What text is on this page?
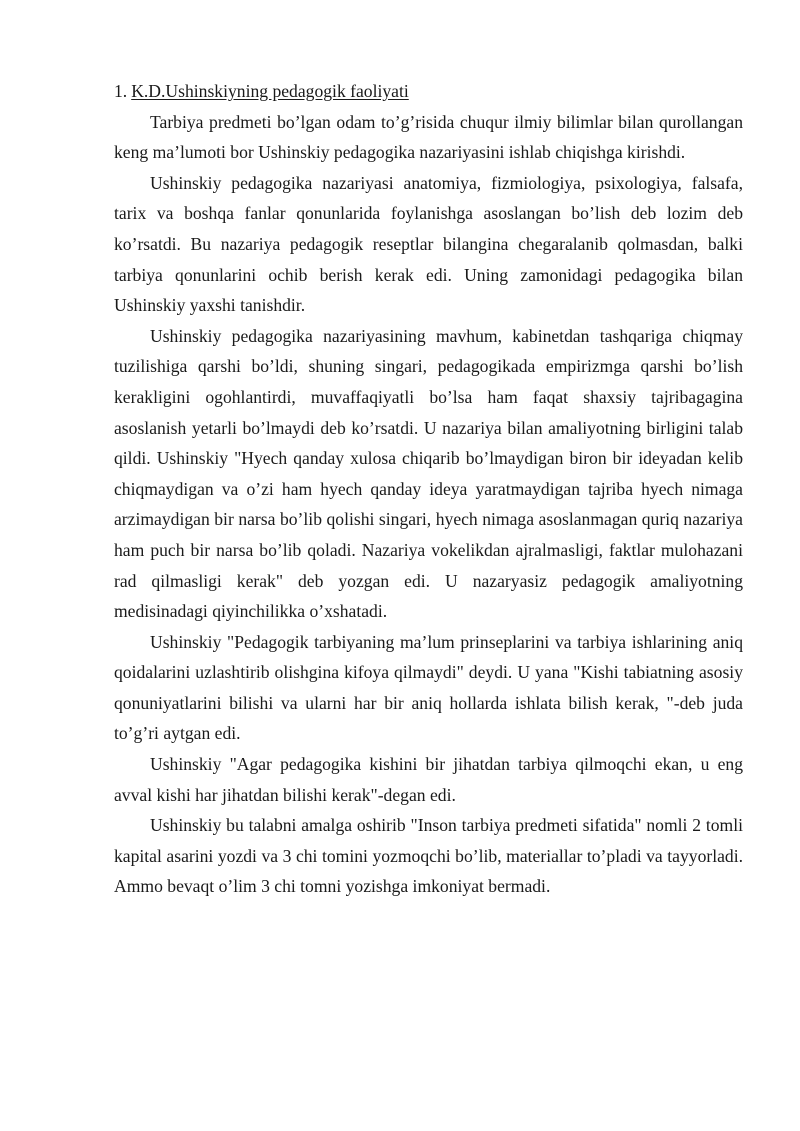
1. K.D.Ushinskiyning pedagogik faoliyati

Tarbiya predmeti bo’lgan odam to’g’risida chuqur ilmiy bilimlar bilan qurollangan keng ma’lumoti bor Ushinskiy pedagogika nazariyasini ishlab chiqishga kirishdi.

Ushinskiy pedagogika nazariyasi anatomiya, fizmiologiya, psixologiya, falsafa, tarix va boshqa fanlar qonunlarida foylanishga asoslangan bo’lish deb lozim deb ko’rsatdi. Bu nazariya pedagogik reseptlar bilangina chegaralanib qolmasdan, balki tarbiya qonunlarini ochib berish kerak edi. Uning zamonidagi pedagogika bilan Ushinskiy yaxshi tanishdir.

Ushinskiy pedagogika nazariyasining mavhum, kabinetdan tashqariga chiqmay tuzilishiga qarshi bo’ldi, shuning singari, pedagogikada empirizmga qarshi bo’lish kerakligini ogohlantirdi, muvaffaqiyatli bo’lsa ham faqat shaxsiy tajribagagina asoslanish yetarli bo’lmaydi deb ko’rsatdi. U nazariya bilan amaliyotning birligini talab qildi. Ushinskiy "Hyech qanday xulosa chiqarib bo’lmaydigan biron bir ideyadan kelib chiqmaydigan va o’zi ham hyech qanday ideya yaratmaydigan tajriba hyech nimaga arzimaydigan bir narsa bo’lib qolishi singari, hyech nimaga asoslanmagan quriq nazariya ham puch bir narsa bo’lib qoladi. Nazariya vokelikdan ajralmasligi, faktlar mulohazani rad qilmasligi kerak" deb yozgan edi. U nazaryasiz pedagogik amaliyotning medisinadagi qiyinchilikka o’xshatadi.

Ushinskiy "Pedagogik tarbiyaning ma’lum prinseplarini va tarbiya ishlarining aniq qoidalarini uzlashtirib olishgina kifoya qilmaydi" deydi. U yana "Kishi tabiatning asosiy qonuniyatlarini bilishi va ularni har bir aniq hollarda ishlata bilish kerak, "-deb juda to’g’ri aytgan edi.

Ushinskiy "Agar pedagogika kishini bir jihatdan tarbiya qilmoqchi ekan, u eng avval kishi har jihatdan bilishi kerak"-degan edi.

Ushinskiy bu talabni amalga oshirib "Inson tarbiya predmeti sifatida" nomli 2 tomli kapital asarini yozdi va 3 chi tomini yozmoqchi bo’lib, materiallar to’pladi va tayyorladi. Ammo bevaqt o’lim 3 chi tomni yozishga imkoniyat bermadi.
